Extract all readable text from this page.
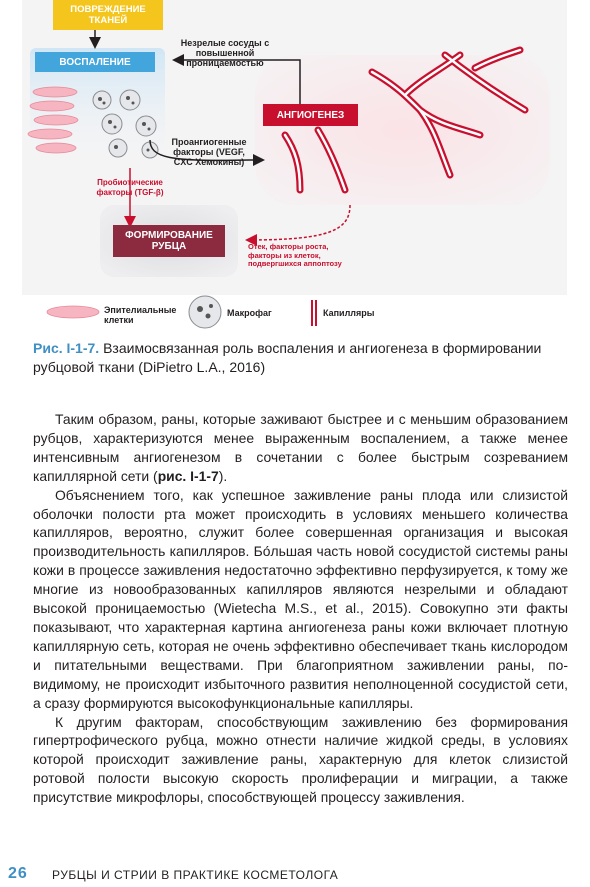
ПОВРЕЖДЕНИЕ ТКАНЕЙ
ВОСПАЛЕНИЕ
АНГИОГЕНЕЗ
ФОРМИРОВАНИЕ РУБЦА
Незрелые сосуды с повышенной проницаемостью
Проангиогенные факторы (VEGF, CXC Хемокины)
Пробиотические факторы (TGF-β)
Отек, факторы роста, факторы из клеток, подвергшихся аппоптозу
Эпителиальные клетки
Макрофаг	Капилляры
Рис. I-1-7. Взаимосвязанная роль воспаления и ангиогенеза в формировании рубцовой ткани (DiPietro L.A., 2016)

Таким образом, раны, которые заживают быстрее и с меньшим образованием рубцов, характеризуются менее выраженным воспалением, а также менее интенсивным ангиогенезом в сочетании с более быстрым созреванием капиллярной сети (рис. I-1-7).

Объяснением того, как успешное заживление раны плода или слизистой оболочки полости рта может происходить в условиях меньшего количества капилляров, вероятно, служит более совершенная организация и высокая производительность капилляров. Бо́льшая часть новой сосудистой системы раны кожи в процессе заживления недостаточно эффективно перфузируется, к тому же многие из новообразованных капилляров являются незрелыми и обладают высокой проницаемостью (Wietecha M.S., et al., 2015). Совокупно эти факты показывают, что характерная картина ангиогенеза раны кожи включает плотную капиллярную сеть, которая не очень эффективно обеспечивает ткань кислородом и питательными веществами. При благоприятном заживлении раны, по-видимому, не происходит избыточного развития неполноценной сосудистой сети, а сразу формируются высокофункциональные капилляры.

К другим факторам, способствующим заживлению без формирования гипертрофического рубца, можно отнести наличие жидкой среды, в условиях которой происходит заживление раны, характерную для клеток слизистой ротовой полости высокую скорость пролиферации и миграции, а также присутствие микрофлоры, способствующей процессу заживления.

26 РУБЦЫ И СТРИИ В ПРАКТИКЕ КОСМЕТОЛОГА
